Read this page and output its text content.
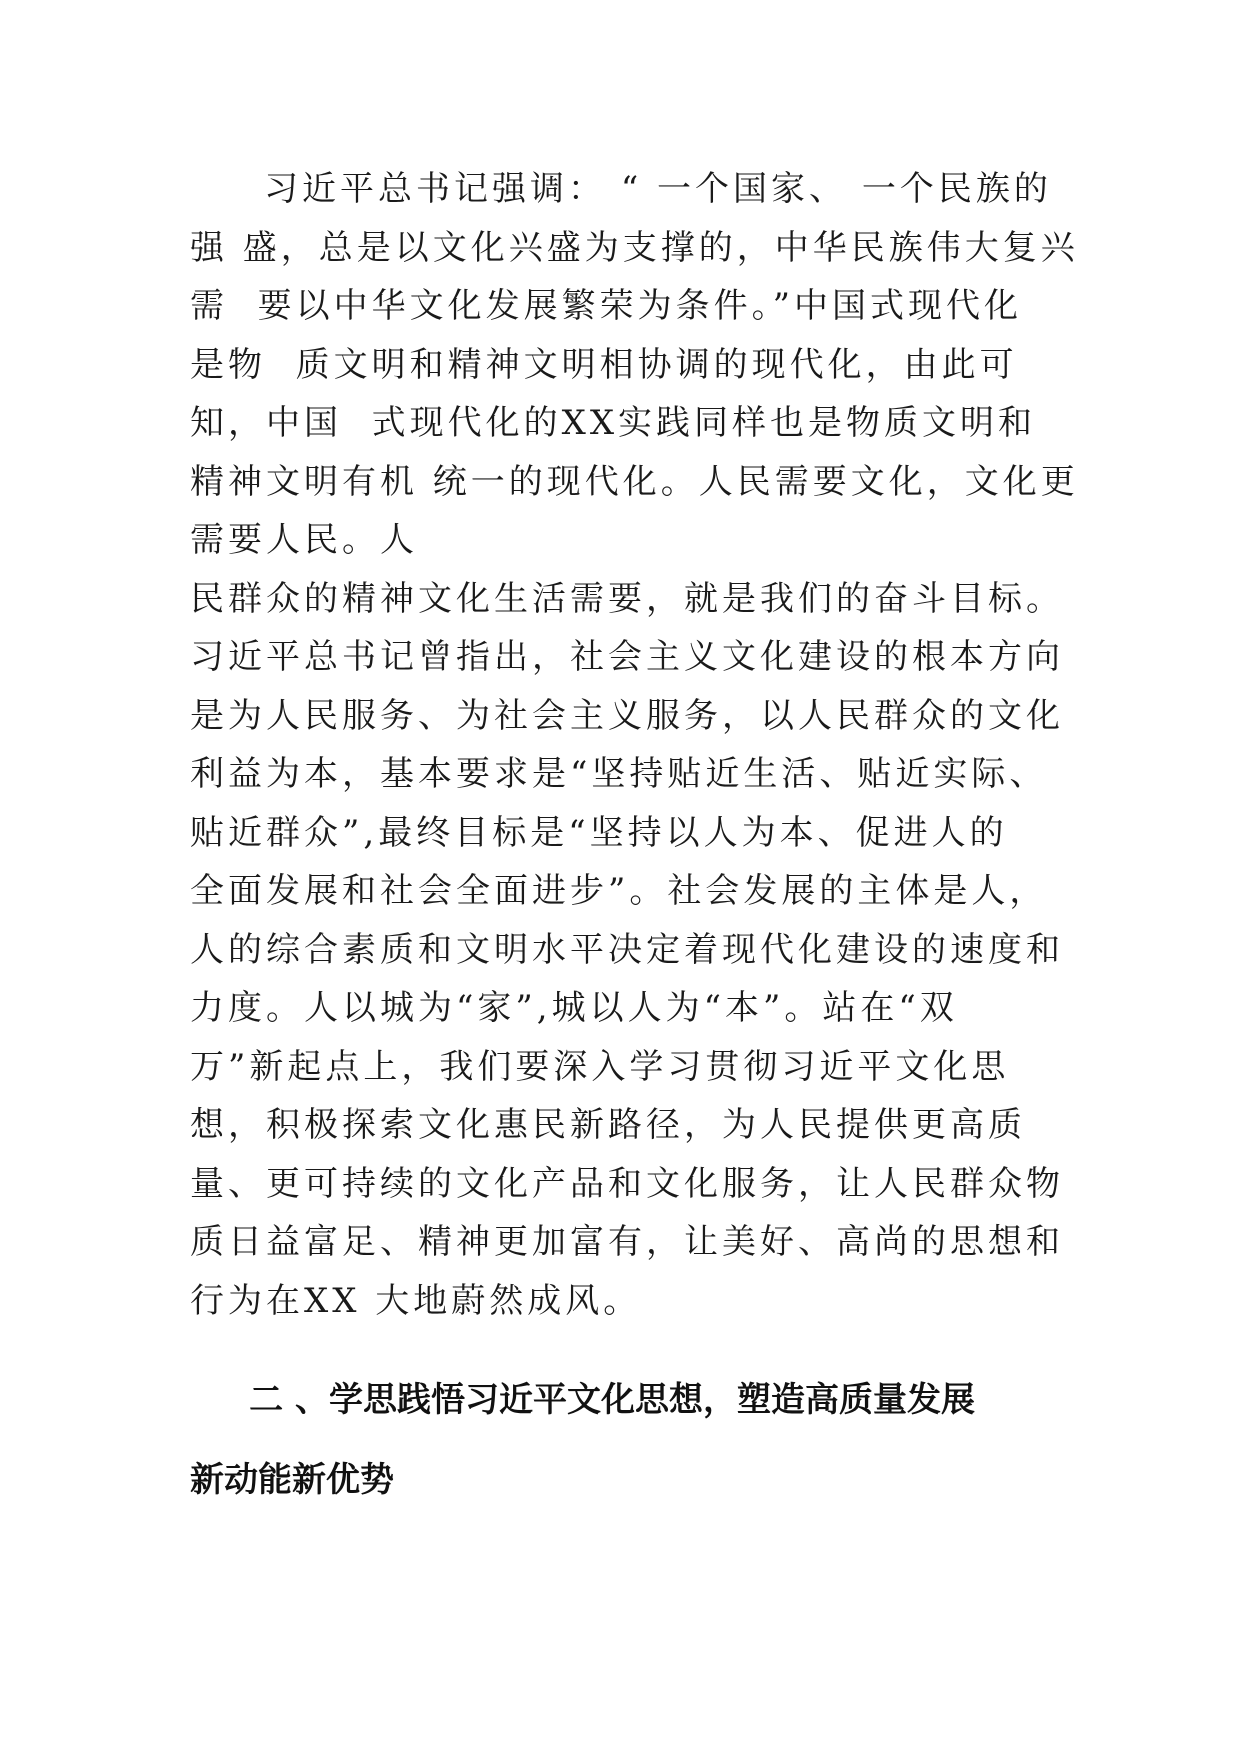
习近平总书记强调： “ 一个国家、 一个民族的
强 盛，总是以文化兴盛为支撑的，中华民族伟大复兴
需  要以中华文化发展繁荣为条件。”中国式现代化
是物  质文明和精神文明相协调的现代化，由此可
知，中国  式现代化的XX实践同样也是物质文明和
精神文明有机 统一的现代化。人民需要文化，文化更
需要人民。人
民群众的精神文化生活需要，就是我们的奋斗目标。
习近平总书记曾指出，社会主义文化建设的根本方向
是为人民服务、为社会主义服务，以人民群众的文化
利益为本，基本要求是“坚持贴近生活、贴近实际、
贴近群众”,最终目标是“坚持以人为本、促进人的
全面发展和社会全面进步”。社会发展的主体是人，
人的综合素质和文明水平决定着现代化建设的速度和
力度。人以城为“家”,城以人为“本”。站在“双
万”新起点上，我们要深入学习贯彻习近平文化思
想，积极探索文化惠民新路径，为人民提供更高质
量、更可持续的文化产品和文化服务，让人民群众物
质日益富足、精神更加富有，让美好、高尚的思想和
行为在XX 大地蔚然成风。
二 、学思践悟习近平文化思想，塑造高质量发展
新动能新优势
